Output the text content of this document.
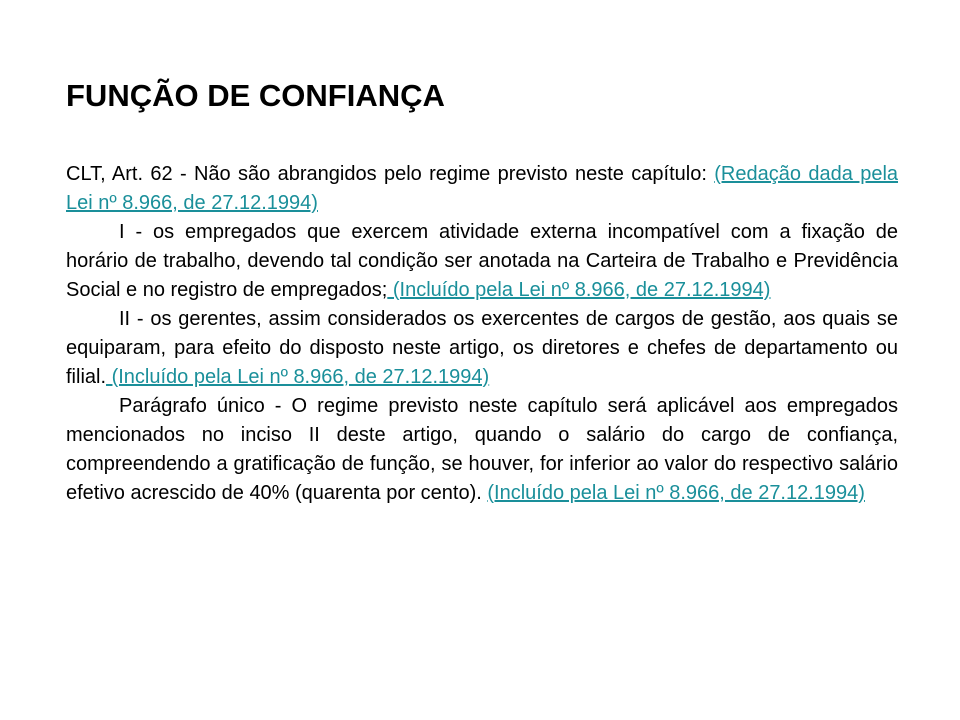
FUNÇÃO DE CONFIANÇA

CLT, Art. 62 - Não são abrangidos pelo regime previsto neste capítulo: (Redação dada pela Lei nº 8.966, de 27.12.1994)

I - os empregados que exercem atividade externa incompatível com a fixação de horário de trabalho, devendo tal condição ser anotada na Carteira de Trabalho e Previdência Social e no registro de empregados; (Incluído pela Lei nº 8.966, de 27.12.1994)

II - os gerentes, assim considerados os exercentes de cargos de gestão, aos quais se equiparam, para efeito do disposto neste artigo, os diretores e chefes de departamento ou filial. (Incluído pela Lei nº 8.966, de 27.12.1994)

Parágrafo único - O regime previsto neste capítulo será aplicável aos empregados mencionados no inciso II deste artigo, quando o salário do cargo de confiança, compreendendo a gratificação de função, se houver, for inferior ao valor do respectivo salário efetivo acrescido de 40% (quarenta por cento). (Incluído pela Lei nº 8.966, de 27.12.1994)
